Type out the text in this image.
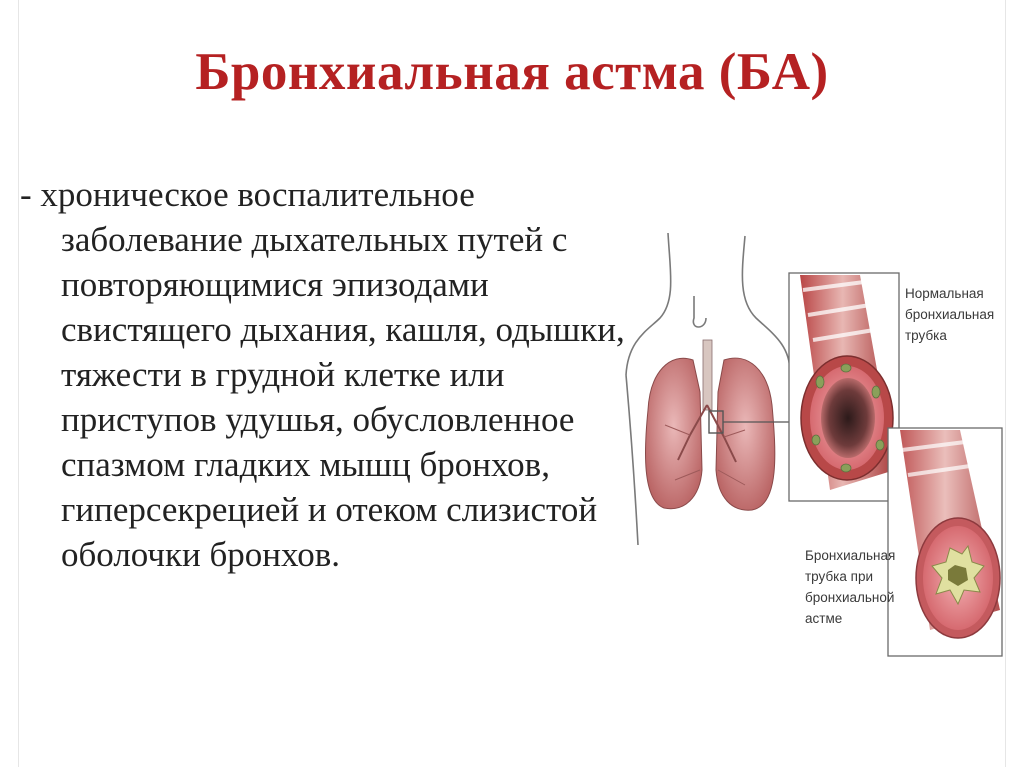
Бронхиальная астма (БА)
- хроническое воспалительное
заболевание дыхательных путей с повторяющимися эпизодами свистящего дыхания, кашля, одышки, тяжести в грудной клетке или приступов удушья, обусловленное спазмом гладких мышц бронхов, гиперсекрецией и отеком слизистой оболочки бронхов.
Нормальная бронхиальная трубка
Бронхиальная трубка при бронхиальной астме
